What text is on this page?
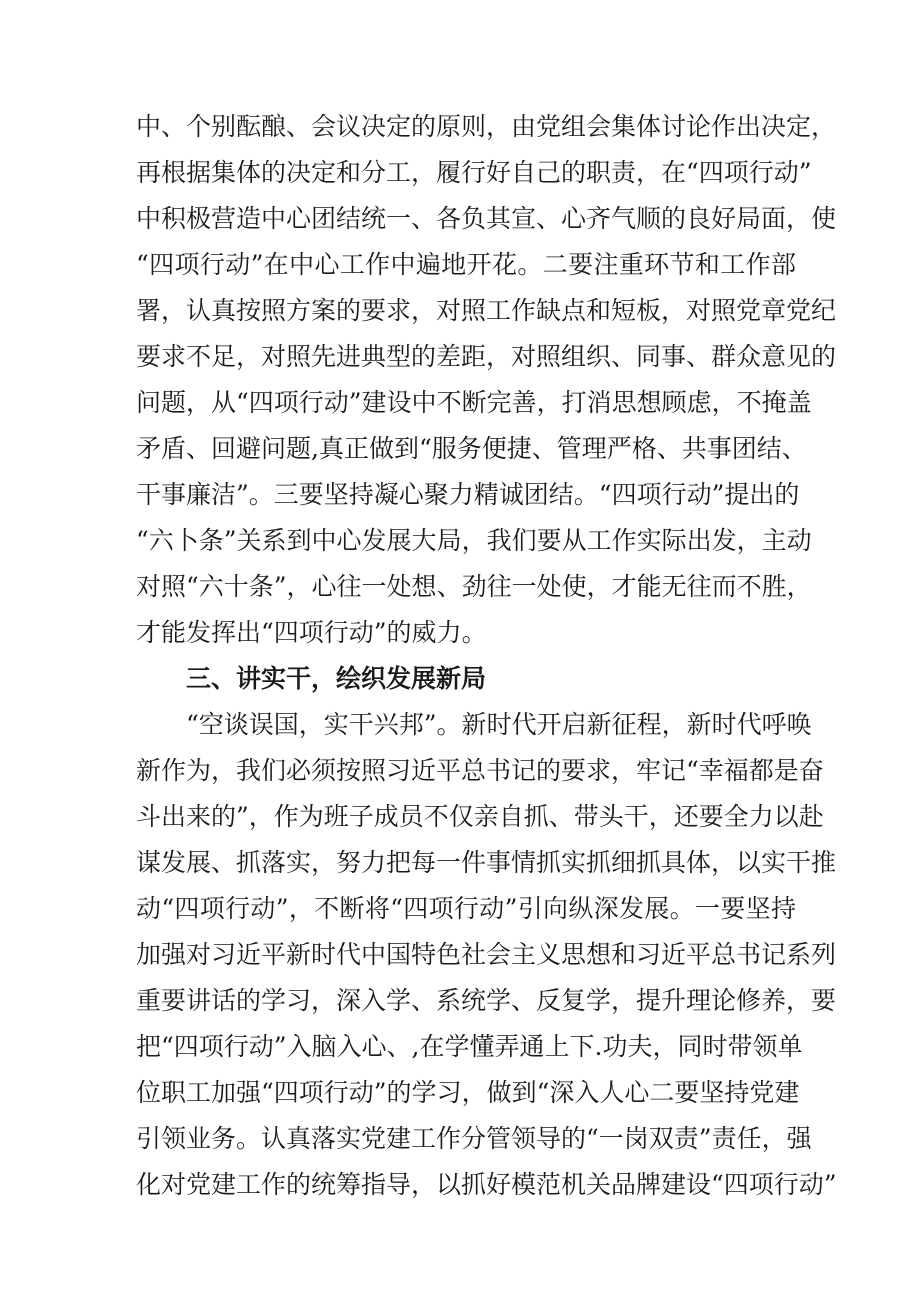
中、个别酝酿、会议决定的原则，由党组会集体讨论作出决定，
再根据集体的决定和分工，履行好自己的职责，在“四项行动”
中积极营造中心团结统一、各负其宣、心齐气顺的良好局面，使
“四项行动”在中心工作中遍地开花。二要注重环节和工作部
署，认真按照方案的要求，对照工作缺点和短板，对照党章党纪
要求不足，对照先进典型的差距，对照组织、同事、群众意见的
问题，从“四项行动”建设中不断完善，打消思想顾虑，不掩盖
矛盾、回避问题,真正做到“服务便捷、管理严格、共事团结、
干事廉洁”。三要坚持凝心聚力精诚团结。“四项行动”提出的
“六卜条”关系到中心发展大局，我们要从工作实际出发，主动
对照“六十条”，心往一处想、劲往一处使，才能无往而不胜，
才能发挥出“四项行动”的威力。
三、讲实干，绘织发展新局
“空谈误国，实干兴邦”。新时代开启新征程，新时代呼唤
新作为，我们必须按照习近平总书记的要求，牢记“幸福都是奋
斗出来的”，作为班子成员不仅亲自抓、带头干，还要全力以赴
谋发展、抓落实，努力把每一件事情抓实抓细抓具体，以实干推
动“四项行动”，不断将“四项行动”引向纵深发展。一要坚持
加强对习近平新时代中国特色社会主义思想和习近平总书记系列
重要讲话的学习，深入学、系统学、反复学，提升理论修养，要
把“四项行动”入脑入心、,在学懂弄通上下.功夫，同时带领单
位职工加强“四项行动”的学习，做到“深入人心二要坚持党建
引领业务。认真落实党建工作分管领导的“一岗双责”责任，强
化对党建工作的统筹指导，以抓好模范机关品牌建设“四项行动”
